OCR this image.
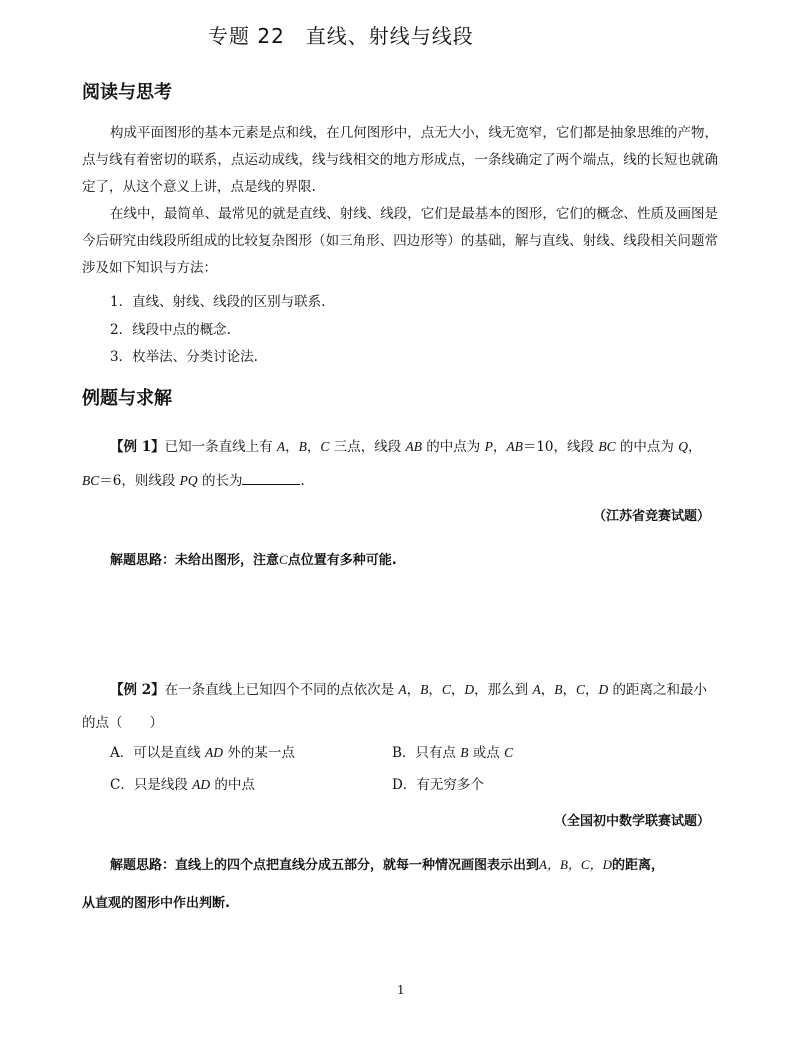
专题 22　直线、射线与线段
阅读与思考
构成平面图形的基本元素是点和线，在几何图形中，点无大小，线无宽窄，它们都是抽象思维的产物，点与线有着密切的联系，点运动成线，线与线相交的地方形成点，一条线确定了两个端点，线的长短也就确定了，从这个意义上讲，点是线的界限.
在线中，最简单、最常见的就是直线、射线、线段，它们是最基本的图形，它们的概念、性质及画图是今后研究由线段所组成的比较复杂图形（如三角形、四边形等）的基础，解与直线、射线、线段相关问题常涉及如下知识与方法：
1．直线、射线、线段的区别与联系.
2．线段中点的概念.
3．枚举法、分类讨论法.
例题与求解
【例 1】已知一条直线上有 A，B，C 三点，线段 AB 的中点为 P，AB＝10，线段 BC 的中点为 Q，BC＝6，则线段 PQ 的长为	.
（江苏省竞赛试题）
解题思路：未给出图形，注意C点位置有多种可能.
【例 2】在一条直线上已知四个不同的点依次是 A，B，C，D，那么到 A，B，C，D 的距离之和最小的点（　　）
A．可以是直线 AD 外的某一点	B．只有点 B 或点 C
C．只是线段 AD 的中点	D．有无穷多个
（全国初中数学联赛试题）
解题思路：直线上的四个点把直线分成五部分，就每一种情况画图表示出到A，B，C，D的距离，
从直观的图形中作出判断.
1
